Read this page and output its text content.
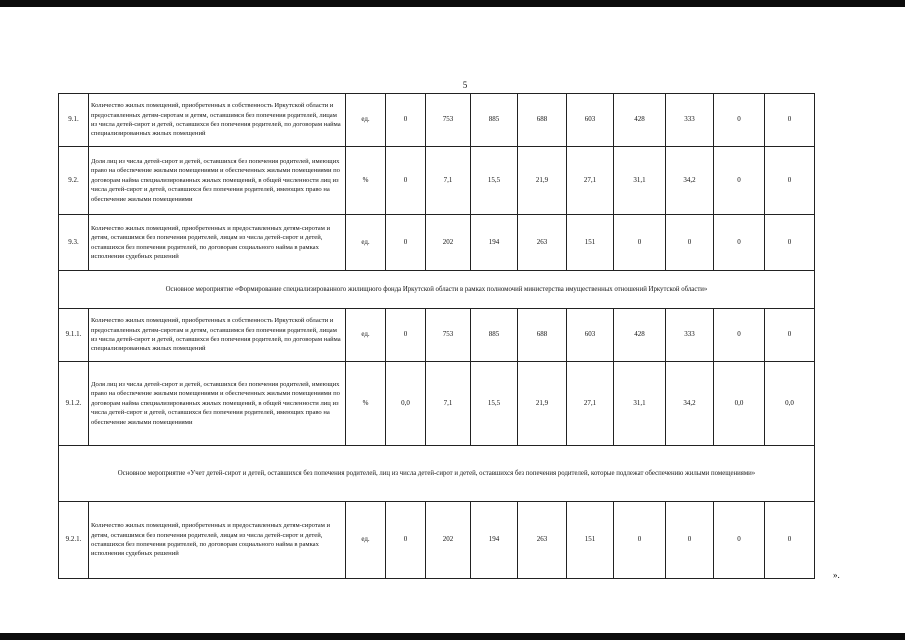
5
9.1.	Количество жилых помещений, приобретенных в собственность Иркутской области и предоставленных детям-сиротам и детям, оставшимся без попечения родителей, лицам из числа детей-сирот и детей, оставшихся без попечения родителей, по договорам найма специализированных жилых помещений	ед.	0	753	885	688	603	428	333	0	0
9.2.	Доля лиц из числа детей-сирот и детей, оставшихся без попечения родителей, имеющих право на обеспечение жилыми помещениями и обеспеченных жилыми помещениями по договорам найма специализированных жилых помещений, в общей численности лиц из числа детей-сирот и детей, оставшихся без попечения родителей, имеющих право на обеспечение жилыми помещениями	%	0	7,1	15,5	21,9	27,1	31,1	34,2	0	0
9.3.	Количество жилых помещений, приобретенных и предоставленных детям-сиротам и детям, оставшимся без попечения родителей, лицам из числа детей-сирот и детей, оставшихся без попечения родителей, по договорам социального найма в рамках исполнения судебных решений	ед.	0	202	194	263	151	0	0	0	0
Основное мероприятие «Формирование специализированного жилищного фонда Иркутской области в рамках полномочий министерства имущественных отношений Иркутской области»											
9.1.1.	Количество жилых помещений, приобретенных в собственность Иркутской области и предоставленных детям-сиротам и детям, оставшимся без попечения родителей, лицам из числа детей-сирот и детей, оставшихся без попечения родителей, по договорам найма специализированных жилых помещений	ед.	0	753	885	688	603	428	333	0	0
9.1.2.	Доля лиц из числа детей-сирот и детей, оставшихся без попечения родителей, имеющих право на обеспечение жилыми помещениями и обеспеченных жилыми помещениями по договорам найма специализированных жилых помещений, в общей численности лиц из числа детей-сирот и детей, оставшихся без попечения родителей, имеющих право на обеспечение жилыми помещениями	%	0,0	7,1	15,5	21,9	27,1	31,1	34,2	0,0	0,0
Основное мероприятие «Учет детей-сирот и детей, оставшихся без попечения родителей, лиц из числа детей-сирот и детей, оставшихся без попечения родителей, которые подлежат обеспечению жилыми помещениями»											
9.2.1.	Количество жилых помещений, приобретенных и предоставленных детям-сиротам и детям, оставшимся без попечения родителей, лицам из числа детей-сирот и детей, оставшихся без попечения родителей, по договорам социального найма в рамках исполнения судебных решений	ед.	0	202	194	263	151	0	0	0	0
».
